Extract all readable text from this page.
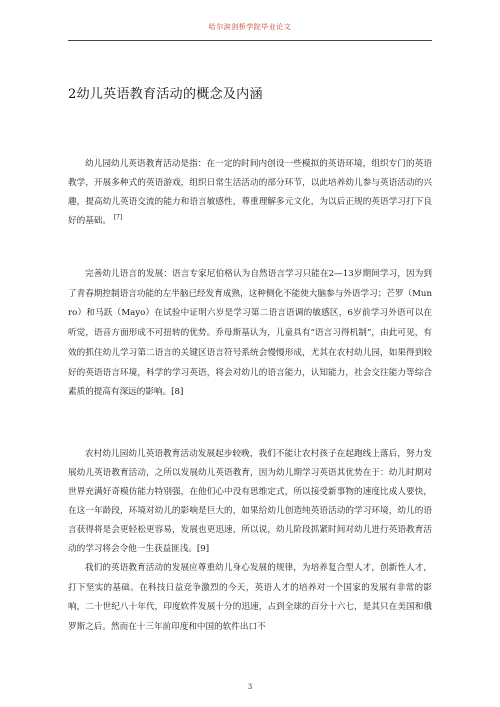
哈尔滨剑桥学院毕业论文
2幼儿英语教育活动的概念及内涵

幼儿园幼儿英语教育活动是指：在一定的时间内创设一些模拟的英语环境，组织专门的英语教学，开展多种式的英语游戏，组织日常生活活动的部分环节，以此培养幼儿参与英语活动的兴趣，提高幼儿英语交流的能力和语言敏感性，尊重理解多元文化，为以后正规的英语学习打下良好的基础。 [7]

完善幼儿语言的发展：语言专家尼伯格认为自然语言学习只能在2—13岁期间学习，因为到了青春期控制语言功能的左半脑已经发育成熟，这种侧化不能使大脑参与外语学习；芒罗（Munro）和马跃（Mayo）在试验中证明六岁是学习第二语言语调的敏感区，6岁前学习外语可以在听觉，语音方面形成不可扭转的优势。乔母斯基认为，儿童具有“语言习得机制”，由此可见，有效的抓住幼儿学习第二语言的关键区语言符号系统会慢慢形成，尤其在农村幼儿园，如果得到较好的英语语言环境，科学的学习英语，将会对幼儿的语言能力，认知能力，社会交往能力等综合素质的提高有深远的影响。[8]

农村幼儿园幼儿英语教育活动发展起步较晚，我们不能让农村孩子在起跑线上落后，努力发展幼儿英语教育活动，之所以发展幼儿英语教育，因为幼儿期学习英语其优势在于：幼儿时期对世界充满好奇模仿能力特别强，在他们心中没有思维定式，所以接受新事物的速度比成人要快，在这一年龄段，环境对幼儿的影响是巨大的，如果给幼儿创造纯英语活动的学习环境，幼儿的语言获得将是会更轻松更容易，发展也更迅速，所以说，幼儿阶段抓紧时间对幼儿进行英语教育活动的学习将会令他一生获益匪浅。[9]

我们的英语教育活动的发展应尊重幼儿身心发展的规律，为培养复合型人才，创新性人才，打下坚实的基础。在科技日益竞争激烈的今天，英语人才的培养对一个国家的发展有非常的影响，二十世纪八十年代，印度软件发展十分的迅速，占到全球的百分十六七，是其只在美国和俄罗斯之后。然而在十三年前印度和中国的软件出口不

3
